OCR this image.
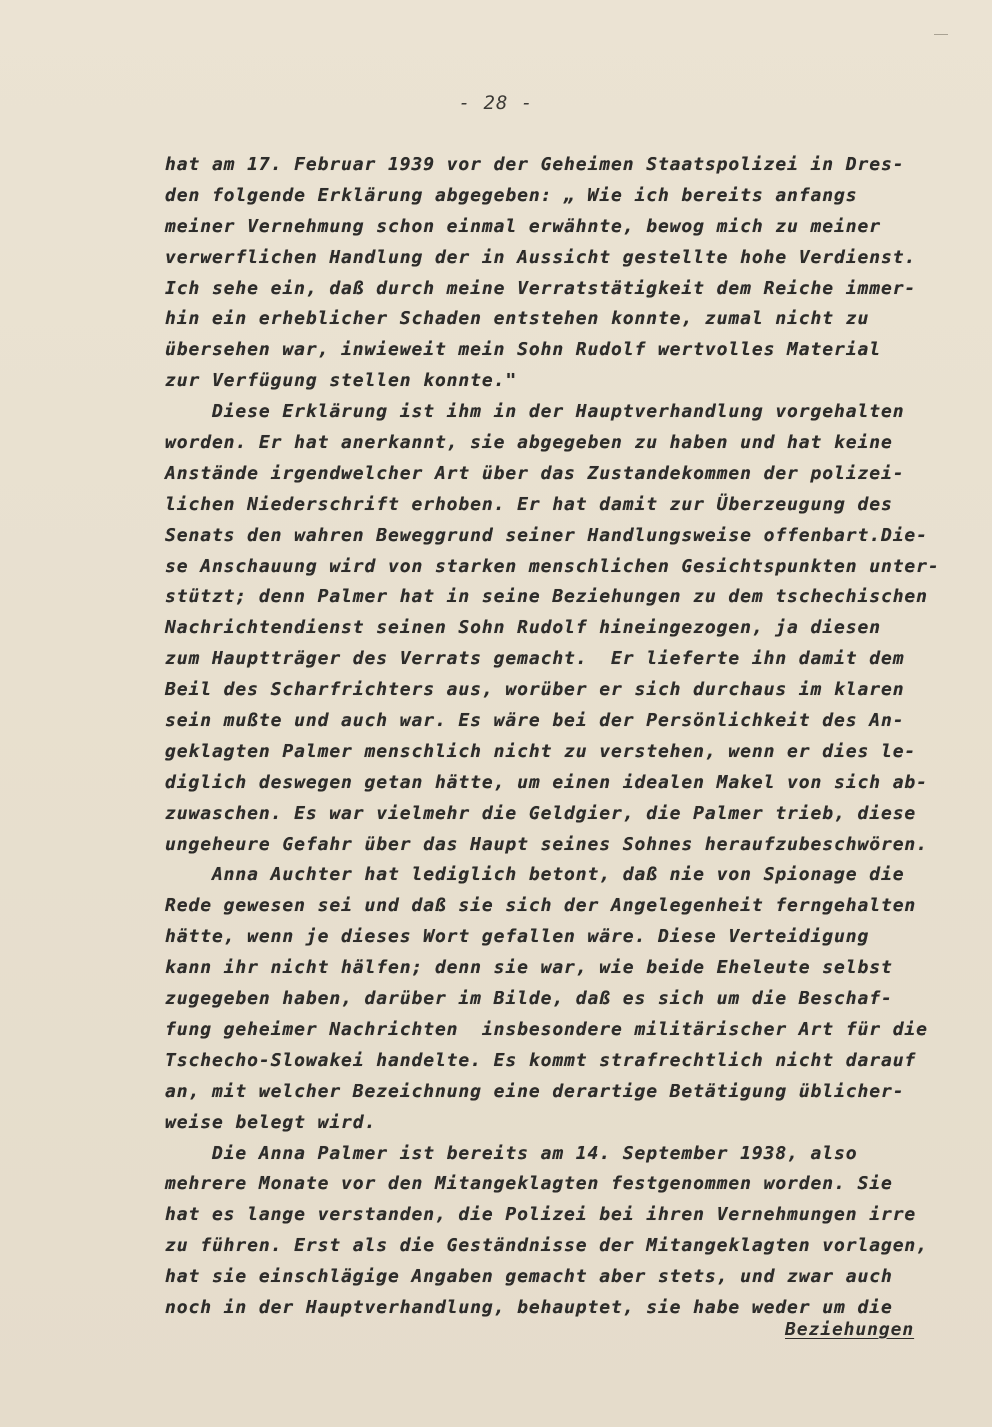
- 28 -
hat am 17. Februar 1939 vor der Geheimen Staatspolizei in Dres-
den folgende Erklärung abgegeben: „ Wie ich bereits anfangs
meiner Vernehmung schon einmal erwähnte, bewog mich zu meiner
verwerflichen Handlung der in Aussicht gestellte hohe Verdienst.
Ich sehe ein, daß durch meine Verratstätigkeit dem Reiche immer-
hin ein erheblicher Schaden entstehen konnte, zumal nicht zu
übersehen war, inwieweit mein Sohn Rudolf wertvolles Material
zur Verfügung stellen konnte."
Diese Erklärung ist ihm in der Hauptverhandlung vorgehalten
worden. Er hat anerkannt, sie abgegeben zu haben und hat keine
Anstände irgendwelcher Art über das Zustandekommen der polizei-
lichen Niederschrift erhoben. Er hat damit zur Überzeugung des
Senats den wahren Beweggrund seiner Handlungsweise offenbart.Die-
se Anschauung wird von starken menschlichen Gesichtspunkten unter-
stützt; denn Palmer hat in seine Beziehungen zu dem tschechischen
Nachrichtendienst seinen Sohn Rudolf hineingezogen, ja diesen
zum Hauptträger des Verrats gemacht.  Er lieferte ihn damit dem
Beil des Scharfrichters aus, worüber er sich durchaus im klaren
sein mußte und auch war. Es wäre bei der Persönlichkeit des An-
geklagten Palmer menschlich nicht zu verstehen, wenn er dies le-
diglich deswegen getan hätte, um einen idealen Makel von sich ab-
zuwaschen. Es war vielmehr die Geldgier, die Palmer trieb, diese
ungeheure Gefahr über das Haupt seines Sohnes heraufzubeschwören.
Anna Auchter hat lediglich betont, daß nie von Spionage die
Rede gewesen sei und daß sie sich der Angelegenheit ferngehalten
hätte, wenn je dieses Wort gefallen wäre. Diese Verteidigung
kann ihr nicht hälfen; denn sie war, wie beide Eheleute selbst
zugegeben haben, darüber im Bilde, daß es sich um die Beschaf-
fung geheimer Nachrichten  insbesondere militärischer Art für die
Tschecho-Slowakei handelte. Es kommt strafrechtlich nicht darauf
an, mit welcher Bezeichnung eine derartige Betätigung üblicher-
weise belegt wird.
Die Anna Palmer ist bereits am 14. September 1938, also
mehrere Monate vor den Mitangeklagten festgenommen worden. Sie
hat es lange verstanden, die Polizei bei ihren Vernehmungen irre
zu führen. Erst als die Geständnisse der Mitangeklagten vorlagen,
hat sie einschlägige Angaben gemacht aber stets, und zwar auch
noch in der Hauptverhandlung, behauptet, sie habe weder um die
Beziehungen
